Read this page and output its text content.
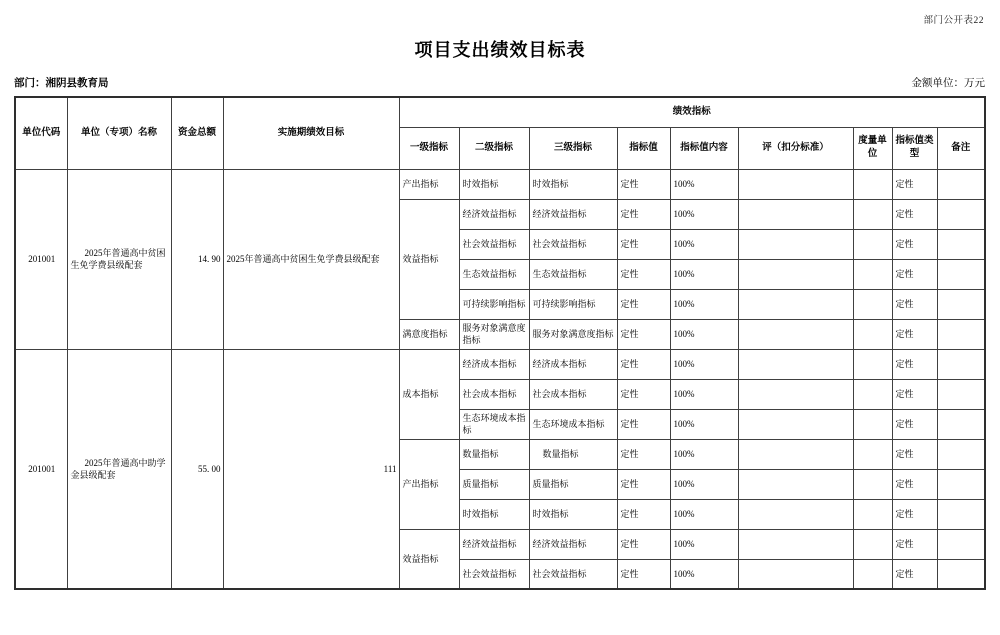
部门公开表22
项目支出绩效目标表
部门：湘阴县教育局	金额单位：万元
单位代码	单位（专项）名称	资金总额	实施期绩效目标	绩效指标								
				一级指标	二级指标	三级指标	指标值	指标值内容	评（扣分标准）	度量单位	指标值类型	备注
201001	2025年普通高中贫困生免学费县级配套	14. 90	2025年普通高中贫困生免学费县级配套	产出指标	时效指标	时效指标	定性	100%			定性	
				效益指标	经济效益指标	经济效益指标	定性	100%			定性	
					社会效益指标	社会效益指标	定性	100%			定性	
					生态效益指标	生态效益指标	定性	100%			定性	
					可持续影响指标	可持续影响指标	定性	100%			定性	
				满意度指标	服务对象满意度指标	服务对象满意度指标	定性	100%			定性	
201001	2025年普通高中助学金县级配套	55. 00	111	成本指标	经济成本指标	经济成本指标	定性	100%			定性	
					社会成本指标	社会成本指标	定性	100%			定性	
					生态环境成本指标	生态环境成本指标	定性	100%			定性	
				产出指标	数量指标	数量指标	定性	100%			定性	
					质量指标	质量指标	定性	100%			定性	
					时效指标	时效指标	定性	100%			定性	
				效益指标	经济效益指标	经济效益指标	定性	100%			定性	
					社会效益指标	社会效益指标	定性	100%			定性	
